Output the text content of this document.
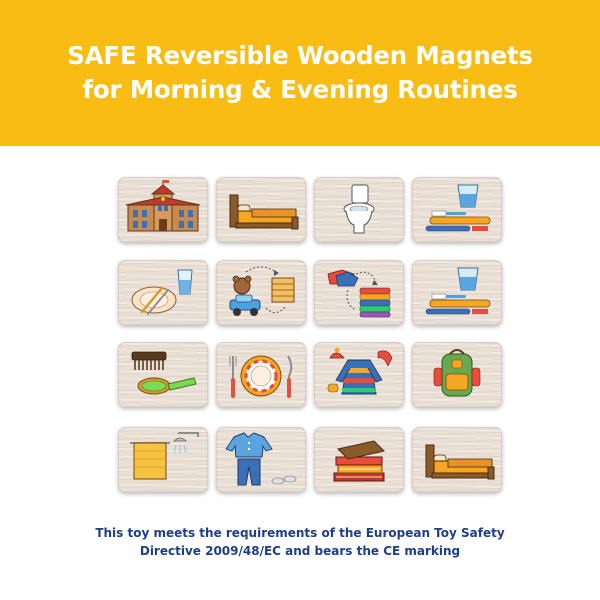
SAFE Reversible Wooden Magnets
for Morning & Evening Routines
This toy meets the requirements of the European Toy Safety
Directive 2009/48/EC and bears the CE marking
